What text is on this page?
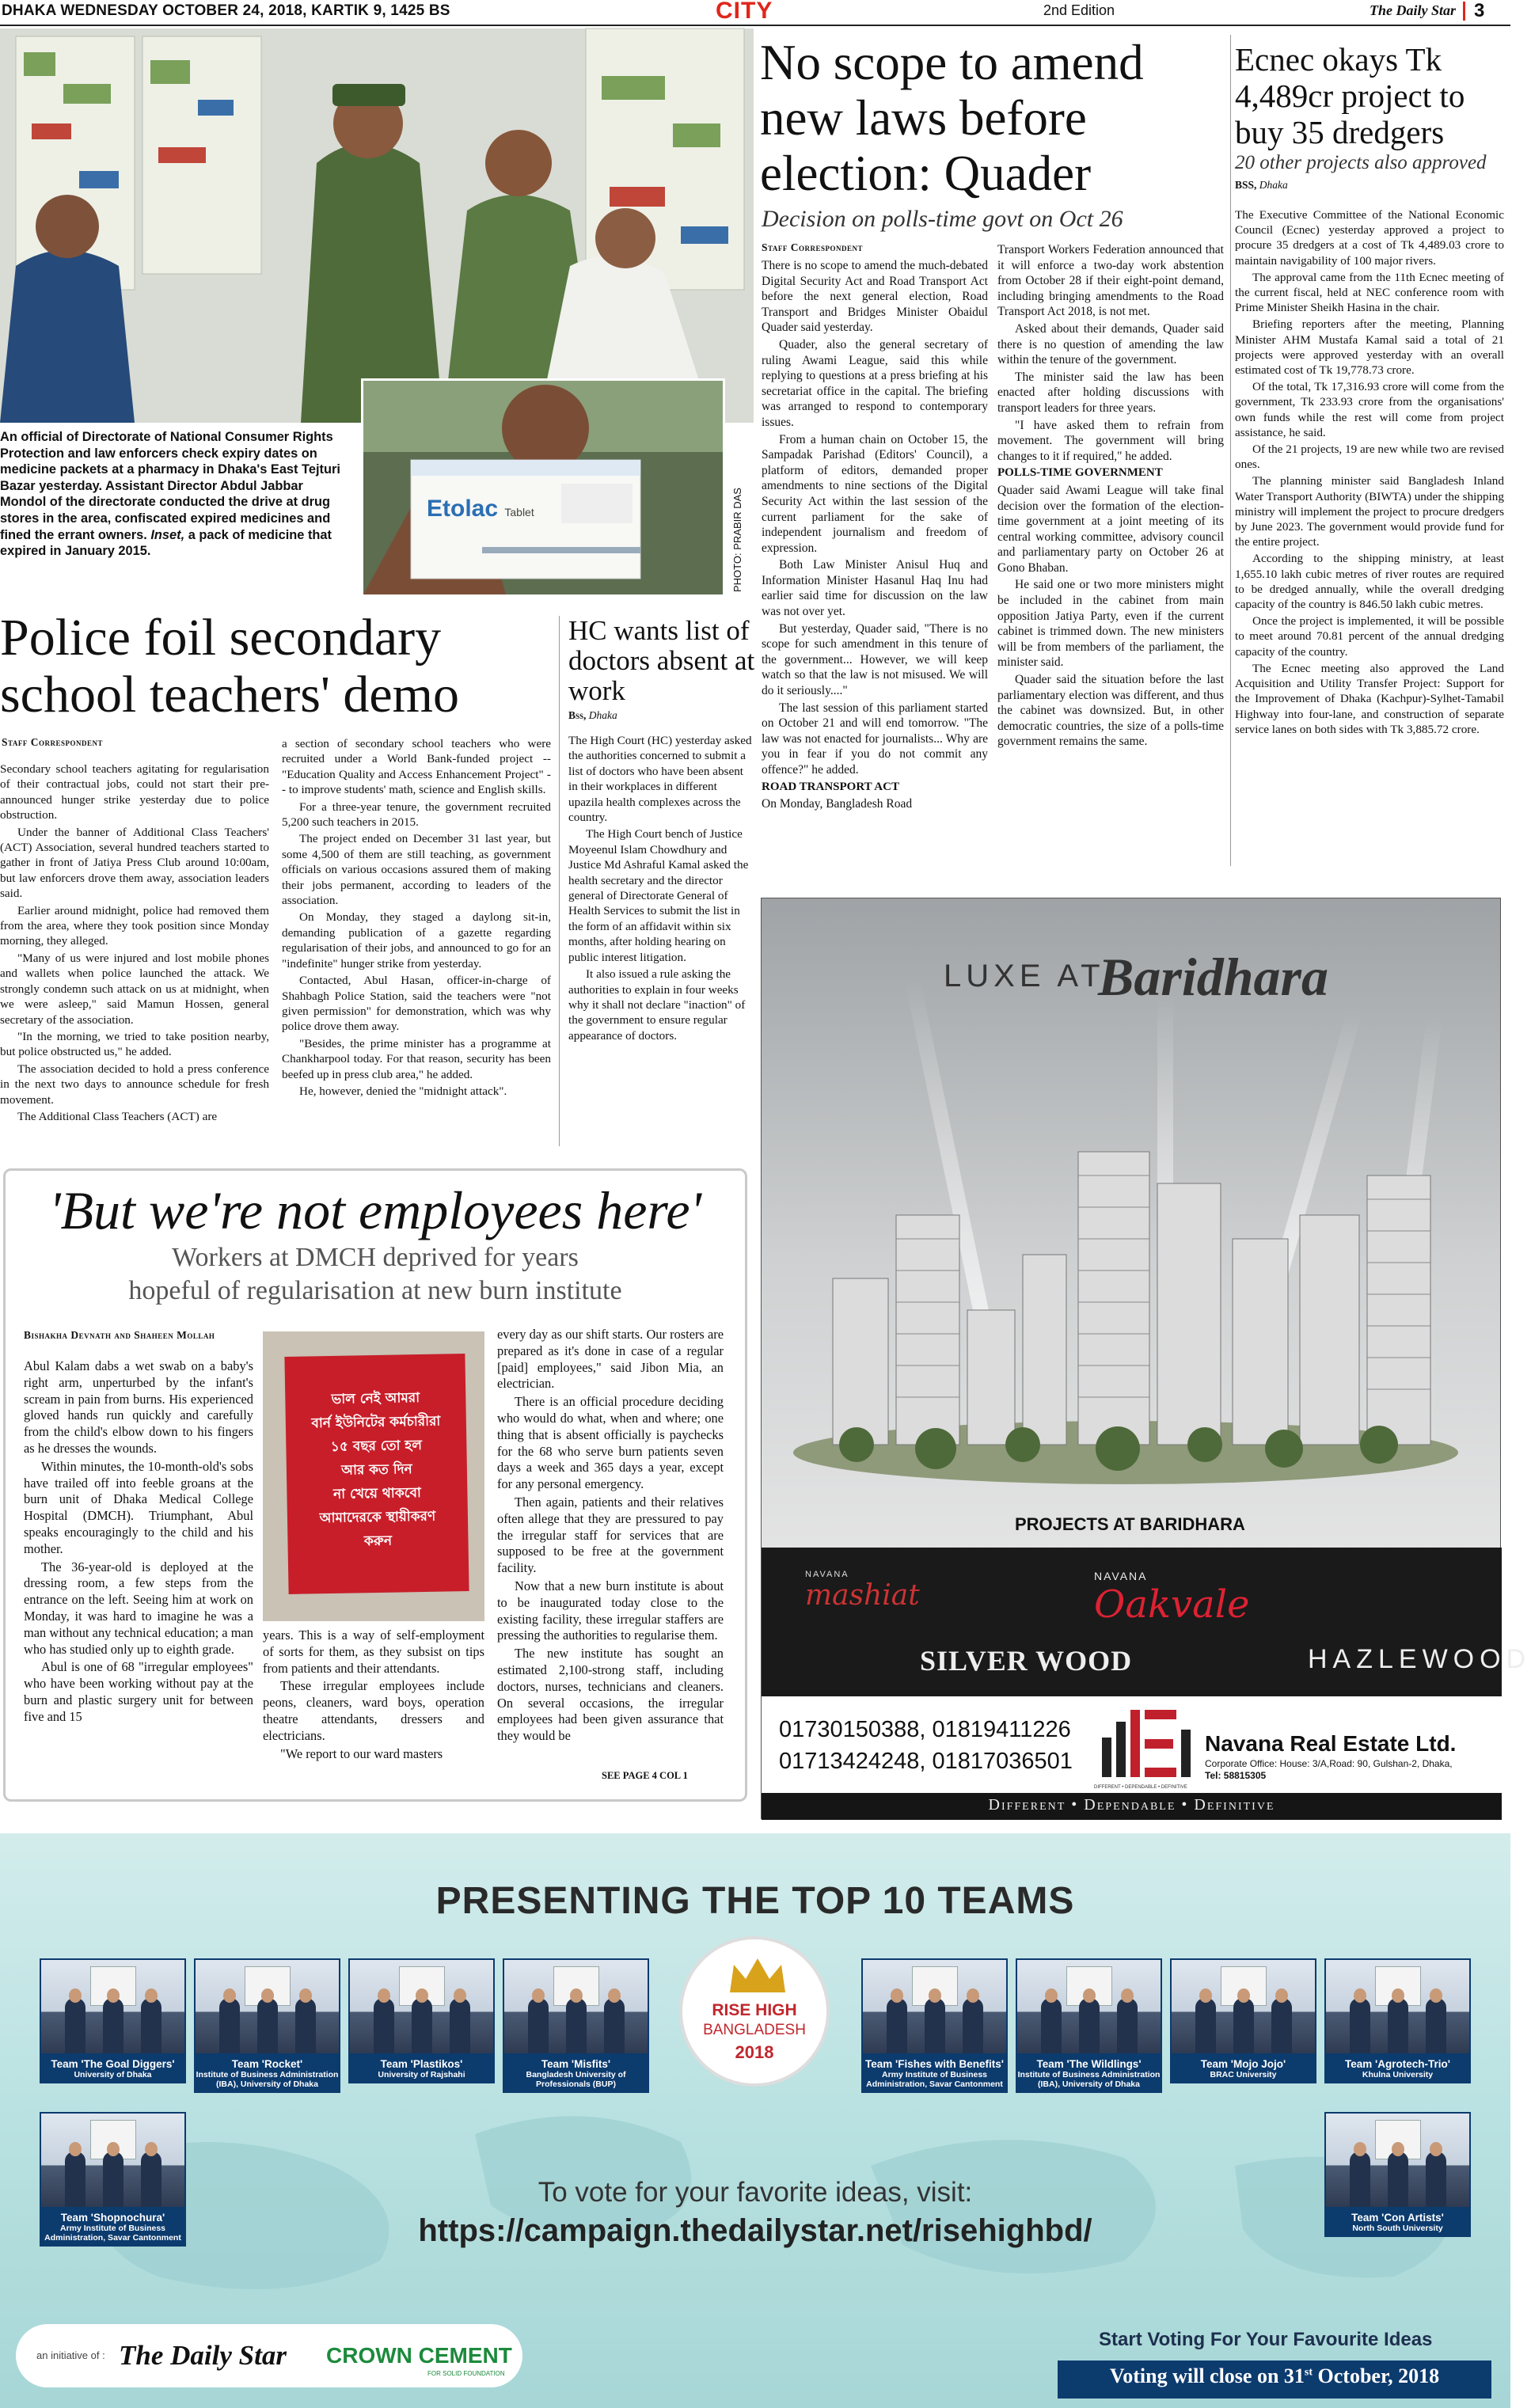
DHAKA WEDNESDAY OCTOBER 24, 2018, KARTIK 9, 1425 BS	CITY	2nd Edition	The Daily Star 3
An official of Directorate of National Consumer Rights Protection and law enforcers check expiry dates on medicine packets at a pharmacy in Dhaka's East Tejturi Bazar yesterday. Assistant Director Abdul Jabbar Mondol of the directorate conducted the drive at drug stores in the area, confiscated expired medicines and fined the errant owners. Inset, a pack of medicine that expired in January 2015.
Etolac Tablet	PHOTO: PRABIR DAS
No scope to amend new laws before election: Quader
Decision on polls-time govt on Oct 26
Staff Correspondent

There is no scope to amend the much-debated Digital Security Act and Road Transport Act before the next general election, Road Transport and Bridges Minister Obaidul Quader said yesterday.

Quader, also the general secretary of ruling Awami League, said this while replying to questions at a press briefing at his secretariat office in the capital. The briefing was arranged to respond to contemporary issues.

From a human chain on October 15, the Sampadak Parishad (Editors' Council), a platform of editors, demanded proper amendments to nine sections of the Digital Security Act within the last session of the current parliament for the sake of independent journalism and freedom of expression.

Both Law Minister Anisul Huq and Information Minister Hasanul Haq Inu had earlier said time for discussion on the law was not over yet.

But yesterday, Quader said, "There is no scope for such amendment in this tenure of the government... However, we will keep watch so that the law is not misused. We will do it seriously...."

The last session of this parliament started on October 21 and will end tomorrow. "The law was not enacted for journalists... Why are you in fear if you do not commit any offence?" he added.

ROAD TRANSPORT ACT

On Monday, Bangladesh Road

Transport Workers Federation announced that it will enforce a two-day work abstention from October 28 if their eight-point demand, including bringing amendments to the Road Transport Act 2018, is not met.

Asked about their demands, Quader said there is no question of amending the law within the tenure of the government.

The minister said the law has been enacted after holding discussions with transport leaders for three years.

"I have asked them to refrain from movement. The government will bring changes to it if required," he added.

POLLS-TIME GOVERNMENT

Quader said Awami League will take final decision over the formation of the election-time government at a joint meeting of its central working committee, advisory council and parliamentary party on October 26 at Gono Bhaban.

He said one or two more ministers might be included in the cabinet from main opposition Jatiya Party, even if the current cabinet is trimmed down. The new ministers will be from members of the parliament, the minister said.

Quader said the situation before the last parliamentary election was different, and thus the cabinet was downsized. But, in other democratic countries, the size of a polls-time government remains the same.

Ecnec okays Tk 4,489cr project to buy 35 dredgers
20 other projects also approved
BSS, Dhaka

The Executive Committee of the National Economic Council (Ecnec) yesterday approved a project to procure 35 dredgers at a cost of Tk 4,489.03 crore to maintain navigability of 100 major rivers.

The approval came from the 11th Ecnec meeting of the current fiscal, held at NEC conference room with Prime Minister Sheikh Hasina in the chair.

Briefing reporters after the meeting, Planning Minister AHM Mustafa Kamal said a total of 21 projects were approved yesterday with an overall estimated cost of Tk 19,778.73 crore.

Of the total, Tk 17,316.93 crore will come from the government, Tk 233.93 crore from the organisations' own funds while the rest will come from project assistance, he said.

Of the 21 projects, 19 are new while two are revised ones.

The planning minister said Bangladesh Inland Water Transport Authority (BIWTA) under the shipping ministry will implement the project to procure dredgers by June 2023. The government would provide fund for the entire project.

According to the shipping ministry, at least 1,655.10 lakh cubic metres of river routes are required to be dredged annually, while the overall dredging capacity of the country is 846.50 lakh cubic metres.

Once the project is implemented, it will be possible to meet around 70.81 percent of the annual dredging capacity of the country.

The Ecnec meeting also approved the Land Acquisition and Utility Transfer Project: Support for the Improvement of Dhaka (Kachpur)-Sylhet-Tamabil Highway into four-lane, and construction of separate service lanes on both sides with Tk 3,885.72 crore.

Police foil secondary school teachers' demo
Staff Correspondent

Secondary school teachers agitating for regularisation of their contractual jobs, could not start their pre-announced hunger strike yesterday due to police obstruction.

Under the banner of Additional Class Teachers' (ACT) Association, several hundred teachers started to gather in front of Jatiya Press Club around 10:00am, but law enforcers drove them away, association leaders said.

Earlier around midnight, police had removed them from the area, where they took position since Monday morning, they alleged.

"Many of us were injured and lost mobile phones and wallets when police launched the attack. We strongly condemn such attack on us at midnight, when we were asleep," said Mamun Hossen, general secretary of the association.

"In the morning, we tried to take position nearby, but police obstructed us," he added.

The association decided to hold a press conference in the next two days to announce schedule for fresh movement.

The Additional Class Teachers (ACT) are

a section of secondary school teachers who were recruited under a World Bank-funded project -- "Education Quality and Access Enhancement Project" -- to improve students' math, science and English skills.

For a three-year tenure, the government recruited 5,200 such teachers in 2015.

The project ended on December 31 last year, but some 4,500 of them are still teaching, as government officials on various occasions assured them of making their jobs permanent, according to leaders of the association.

On Monday, they staged a daylong sit-in, demanding publication of a gazette regarding regularisation of their jobs, and announced to go for an "indefinite" hunger strike from yesterday.

Contacted, Abul Hasan, officer-in-charge of Shahbagh Police Station, said the teachers were "not given permission" for demonstration, which was why police drove them away.

"Besides, the prime minister has a programme at Chankharpool today. For that reason, security has been beefed up in press club area," he added.

He, however, denied the "midnight attack".

HC wants list of doctors absent at work
Bss, Dhaka

The High Court (HC) yesterday asked the authorities concerned to submit a list of doctors who have been absent in their workplaces in different upazila health complexes across the country.

The High Court bench of Justice Moyeenul Islam Chowdhury and Justice Md Ashraful Kamal asked the health secretary and the director general of Directorate General of Health Services to submit the list in the form of an affidavit within six months, after holding hearing on public interest litigation.

It also issued a rule asking the authorities to explain in four weeks why it shall not declare "inaction" of the government to ensure regular appearance of doctors.

'But we're not employees here'
Workers at DMCH deprived for years
hopeful of regularisation at new burn institute
Bishakha Devnath and Shaheen Mollah

Abul Kalam dabs a wet swab on a baby's right arm, unperturbed by the infant's scream in pain from burns. His experienced gloved hands run quickly and carefully from the child's elbow down to his fingers as he dresses the wounds.

Within minutes, the 10-month-old's sobs have trailed off into feeble groans at the burn unit of Dhaka Medical College Hospital (DMCH). Triumphant, Abul speaks encouragingly to the child and his mother.

The 36-year-old is deployed at the dressing room, a few steps from the entrance on the left. Seeing him at work on Monday, it was hard to imagine he was a man without any technical education; a man who has studied only up to eighth grade.

Abul is one of 68 "irregular employees" who have been working without pay at the burn and plastic surgery unit for between five and 15

ভাল নেই আমরা
বার্ন ইউনিটের কর্মচারীরা
১৫ বছর তো হল
আর কত দিন
না খেয়ে থাকবো
আমাদেরকে স্থায়ীকরণ
করুন

years. This is a way of self-employment of sorts for them, as they subsist on tips from patients and their attendants.

These irregular employees include peons, cleaners, ward boys, operation theatre attendants, dressers and electricians.

"We report to our ward masters

every day as our shift starts. Our rosters are prepared as it's done in case of a regular [paid] employees," said Jibon Mia, an electrician.

There is an official procedure deciding who would do what, when and where; one thing that is absent officially is paychecks for the 68 who serve burn patients seven days a week and 365 days a year, except for any personal emergency.

Then again, patients and their relatives often allege that they are pressured to pay the irregular staff for services that are supposed to be free at the government facility.

Now that a new burn institute is about to be inaugurated today close to the existing facility, these irregular staffers are pressing the authorities to regularise them.

The new institute has sought an estimated 2,100-strong staff, including doctors, nurses, technicians and cleaners. On several occasions, the irregular employees had been given assurance that they would be

SEE PAGE 4 COL 1
LUXE AT
Baridhara
PROJECTS AT BARIDHARA
NAVANA
mashiat
NAVANA
Oakvale
SILVER WOOD	HAZLEWOOD
01730150388, 01819411226
01713424248, 01817036501
DIFFERENT • DEPENDABLE • DEFINITIVE
Navana Real Estate Ltd.
Corporate Office: House: 3/A,Road: 90, Gulshan-2, Dhaka,
Tel: 58815305
Different • Dependable • Definitive
PRESENTING THE TOP 10 TEAMS
RISE HIGH
BANGLADESH
2018
Team 'The Goal Diggers'
University of Dhaka
Team 'Rocket'
Institute of Business Administration (IBA), University of Dhaka
Team 'Plastikos'
University of Rajshahi
Team 'Misfits'
Bangladesh University of Professionals (BUP)
Team 'Fishes with Benefits'
Army Institute of Business Administration, Savar Cantonment
Team 'The Wildlings'
Institute of Business Administration (IBA), University of Dhaka
Team 'Mojo Jojo'
BRAC University
Team 'Agrotech-Trio'
Khulna University
Team 'Shopnochura'
Army Institute of Business Administration, Savar Cantonment
Team 'Con Artists'
North South University
To vote for your favorite ideas, visit:
https://campaign.thedailystar.net/risehighbd/
an initiative of : The Daily Star CROWN CEMENT
FOR SOLID FOUNDATION
Start Voting For Your Favourite Ideas
Voting will close on 31st October, 2018
